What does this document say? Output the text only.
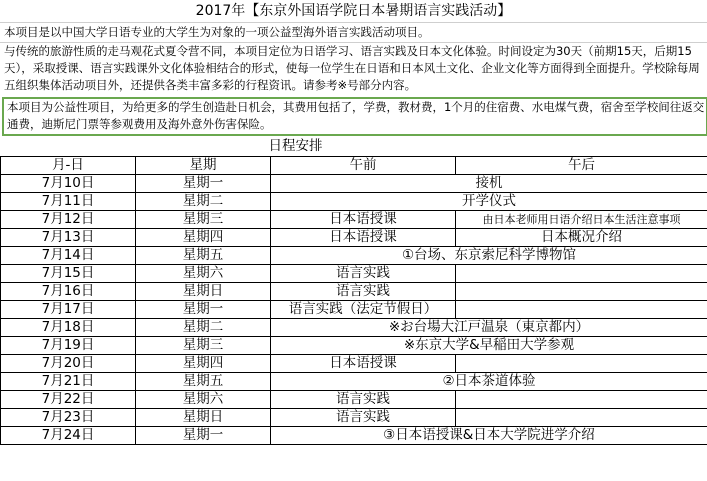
2017年【东京外国语学院日本暑期语言实践活动】
本项目是以中国大学日语专业的大学生为对象的一项公益型海外语言实践活动项目。
与传统的旅游性质的走马观花式夏令营不同，本项目定位为日语学习、语言实践及日本文化体验。时间设定为30天（前期15天，后期15天），采取授课、语言实践课外文化体验相结合的形式，使每一位学生在日语和日本风土文化、企业文化等方面得到全面提升。学校除每周五组织集体活动项目外，还提供各类丰富多彩的行程资讯。请参考※号部分内容。
本项目为公益性项目，为给更多的学生创造赴日机会，其费用包括了，学费，教材费，1个月的住宿费、水电煤气费，宿舍至学校间往返交通费，迪斯尼门票等参观费用及海外意外伤害保险。
	日程安排		
月-日	星期	午前	午后
7月10日	星期一	接机	
7月11日	星期二	开学仪式	
7月12日	星期三	日本语授课	由日本老师用日语介绍日本生活注意事项
7月13日	星期四	日本语授课	日本概况介绍
7月14日	星期五	①台场、东京索尼科学博物馆	
7月15日	星期六	语言实践	
7月16日	星期日	语言实践	
7月17日	星期一	语言实践（法定节假日）	
7月18日	星期二	※お台場大江戸温泉（東京都内）	
7月19日	星期三	※东京大学&早稲田大学参观	
7月20日	星期四	日本语授课	
7月21日	星期五	②日本茶道体验	
7月22日	星期六	语言实践	
7月23日	星期日	语言实践	
7月24日	星期一	③日本语授课&日本大学院进学介绍	
